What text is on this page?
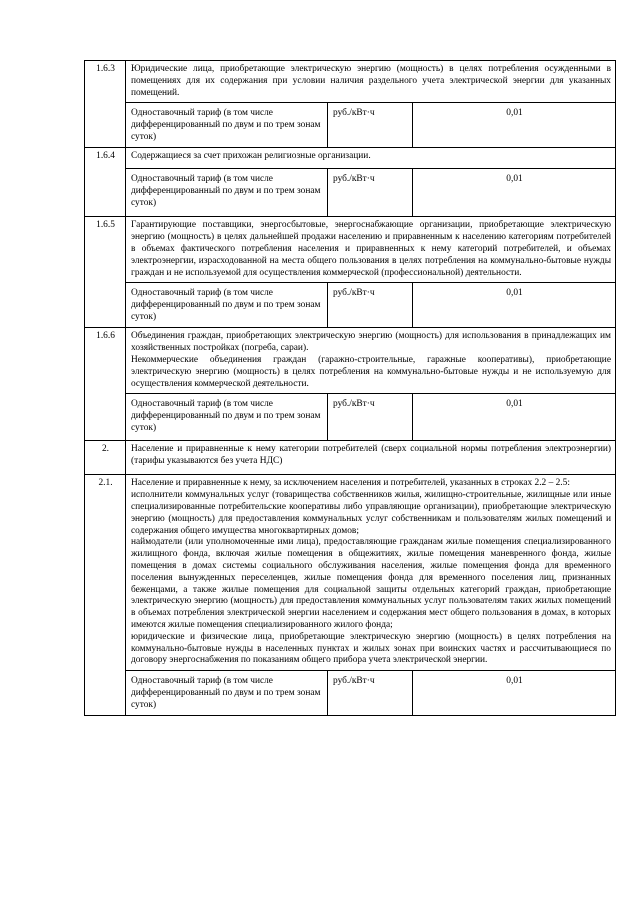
1.6.3	Юридические лица, приобретающие электрическую энергию (мощность) в целях потребления осужденными в помещениях для их содержания при условии наличия раздельного учета электрической энергии для указанных помещений.		

	Одноставочный тариф (в том числе дифференцированный по двум и по трем зонам суток)	руб./кВт·ч	0,01
1.6.4	Содержащиеся за счет прихожан религиозные организации.		

	Одноставочный тариф (в том числе дифференцированный по двум и по трем зонам суток)	руб./кВт·ч	0,01
1.6.5	Гарантирующие поставщики, энергосбытовые, энергоснабжающие организации, приобретающие электрическую энергию (мощность) в целях дальнейшей продажи населению и приравненным к населению категориям потребителей в объемах фактического потребления населения и приравненных к нему категорий потребителей, и объемах электроэнергии, израсходованной на места общего пользования в целях потребления на коммунально-бытовые нужды граждан и не используемой для осуществления коммерческой (профессиональной) деятельности.		

	Одноставочный тариф (в том числе дифференцированный по двум и по трем зонам суток)	руб./кВт·ч	0,01
1.6.6	Объединения граждан, приобретающих электрическую энергию (мощность) для использования в принадлежащих им хозяйственных постройках (погреба, сараи).

Некоммерческие объединения граждан (гаражно-строительные, гаражные кооперативы), приобретающие электрическую энергию (мощность) в целях потребления на коммунально-бытовые нужды и не используемую для осуществления коммерческой деятельности.		

	Одноставочный тариф (в том числе дифференцированный по двум и по трем зонам суток)	руб./кВт·ч	0,01
2.	Население и приравненные к нему категории потребителей (сверх социальной нормы потребления электроэнергии) (тарифы указываются без учета НДС)		

2.1.	Население и приравненные к нему, за исключением населения и потребителей, указанных в строках 2.2 – 2.5:

исполнители коммунальных услуг (товарищества собственников жилья, жилищно-строительные, жилищные или иные специализированные потребительские кооперативы либо управляющие организации), приобретающие электрическую энергию (мощность) для предоставления коммунальных услуг собственникам и пользователям жилых помещений и содержания общего имущества многоквартирных домов;

наймодатели (или уполномоченные ими лица), предоставляющие гражданам жилые помещения специализированного жилищного фонда, включая жилые помещения в общежитиях, жилые помещения маневренного фонда, жилые помещения в домах системы социального обслуживания населения, жилые помещения фонда для временного поселения вынужденных переселенцев, жилые помещения фонда для временного поселения лиц, признанных беженцами, а также жилые помещения для социальной защиты отдельных категорий граждан, приобретающие электрическую энергию (мощность) для предоставления коммунальных услуг пользователям таких жилых помещений в объемах потребления электрической энергии населением и содержания мест общего пользования в домах, в которых имеются жилые помещения специализированного жилого фонда;

юридические и физические лица, приобретающие электрическую энергию (мощность) в целях потребления на коммунально-бытовые нужды в населенных пунктах и жилых зонах при воинских частях и рассчитывающиеся по договору энергоснабжения по показаниям общего прибора учета электрической энергии.		

	Одноставочный тариф (в том числе дифференцированный по двум и по трем зонам суток)	руб./кВт·ч	0,01
